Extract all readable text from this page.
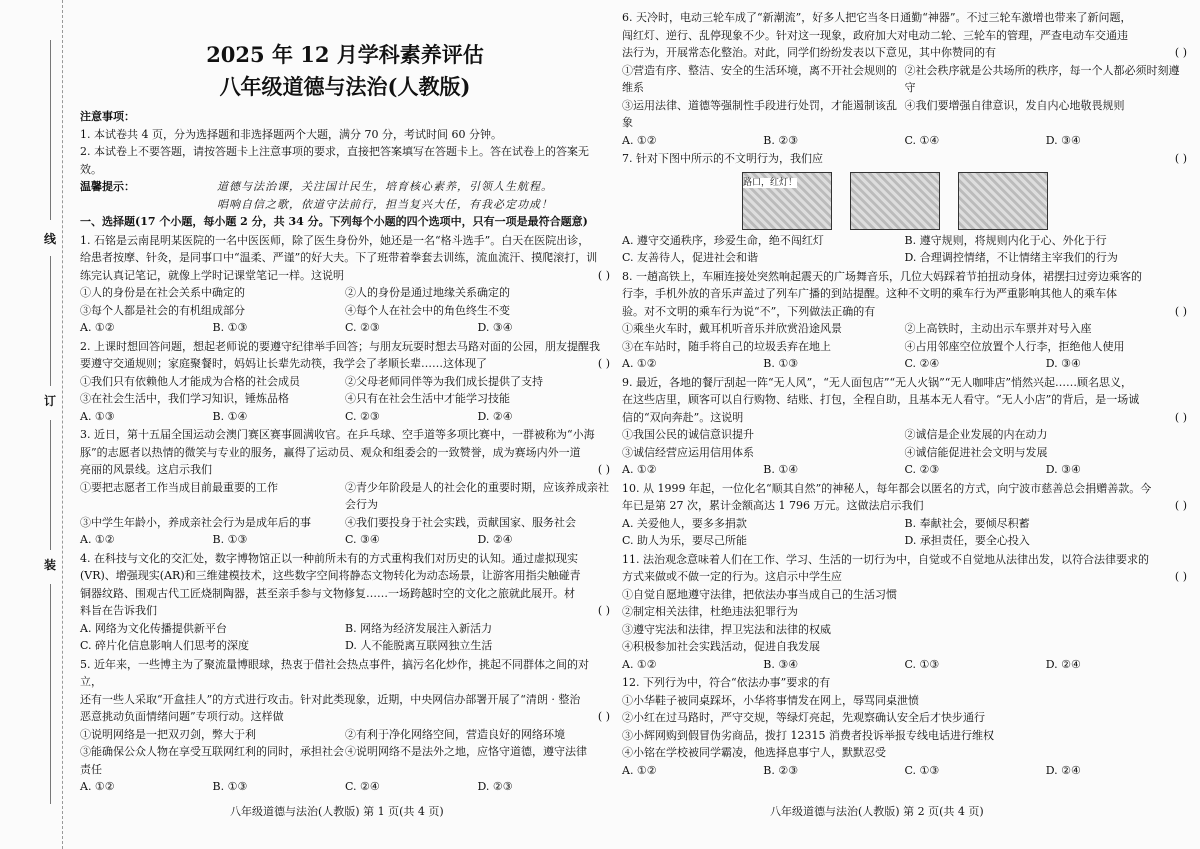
线
订
装
2025 年 12 月学科素养评估
八年级道德与法治(人教版)
注意事项：
1. 本试卷共 4 页，分为选择题和非选择题两个大题，满分 70 分，考试时间 60 分钟。
2. 本试卷上不要答题，请按答题卡上注意事项的要求，直接把答案填写在答题卡上。答在试卷上的答案无效。
温馨提示：	道德与法治课，关注国计民生，培育核心素养，引领人生航程。
唱响自信之歌，依道守法前行，担当复兴大任，有我必定功成！
一、选择题(17 个小题，每小题 2 分，共 34 分。下列每个小题的四个选项中，只有一项是最符合题意)
1. 石铭是云南昆明某医院的一名中医医师，除了医生身份外，她还是一名“格斗选手”。白天在医院出诊，
给患者按摩、针灸，是同事口中“温柔、严谨”的好大夫。下了班带着拳套去训练，流血流汗、摸爬滚打，训
( )
练完认真记笔记，就像上学时记课堂笔记一样。这说明
①人的身份是在社会关系中确定的	②人的身份是通过地缘关系确定的
③每个人都是社会的有机组成部分	④每个人在社会中的角色终生不变
A. ①②	B. ①③	C. ②③	D. ③④
2. 上课时想回答问题，想起老师说的要遵守纪律举手回答；与朋友玩耍时想去马路对面的公园，朋友提醒我
( )
要遵守交通规则；家庭聚餐时，妈妈让长辈先动筷，我学会了孝顺长辈……这体现了
①我们只有依赖他人才能成为合格的社会成员	②父母老师同伴等为我们成长提供了支持
③在社会生活中，我们学习知识，锤炼品格	④只有在社会生活中才能学习技能
A. ①③	B. ①④	C. ②③	D. ②④
3. 近日，第十五届全国运动会澳门赛区赛事圆满收官。在乒乓球、空手道等多项比赛中，一群被称为“小海
豚”的志愿者以热情的微笑与专业的服务，赢得了运动员、观众和组委会的一致赞誉，成为赛场内外一道
( )
亮丽的风景线。这启示我们
①要把志愿者工作当成目前最重要的工作	②青少年阶段是人的社会化的重要时期，应该养成亲社会行为
③中学生年龄小，养成亲社会行为是成年后的事	④我们要投身于社会实践，贡献国家、服务社会
A. ①②	B. ①③	C. ③④	D. ②④
4. 在科技与文化的交汇处，数字博物馆正以一种前所未有的方式重构我们对历史的认知。通过虚拟现实
(VR)、增强现实(AR)和三维建模技术，这些数字空间将静态文物转化为动态场景，让游客用指尖触碰青
铜器纹路、围观古代工匠烧制陶器，甚至亲手参与文物修复……一场跨越时空的文化之旅就此展开。材
( )
料旨在告诉我们
A. 网络为文化传播提供新平台	B. 网络为经济发展注入新活力
C. 碎片化信息影响人们思考的深度	D. 人不能脱离互联网独立生活
5. 近年来，一些博主为了聚流量博眼球，热衷于借社会热点事件，搞污名化炒作，挑起不同群体之间的对立，
还有一些人采取“开盒挂人”的方式进行攻击。针对此类现象，近期，中央网信办部署开展了“清朗 · 整治
( )
恶意挑动负面情绪问题”专项行动。这样做
①说明网络是一把双刃剑，弊大于利	②有利于净化网络空间，营造良好的网络环境
③能确保公众人物在享受互联网红利的同时，承担社会责任
④说明网络不是法外之地，应恪守道德，遵守法律
A. ①②	B. ①③	C. ②④	D. ②③
八年级道德与法治(人教版) 第 1 页(共 4 页)
6. 天冷时，电动三轮车成了“新潮流”，好多人把它当冬日通勤“神器”。不过三轮车激增也带来了新问题，
闯红灯、逆行、乱停现象不少。针对这一现象，政府加大对电动二轮、三轮车的管理，严查电动车交通违
( )
法行为，开展常态化整治。对此，同学们纷纷发表以下意见，其中你赞同的有
①营造有序、整洁、安全的生活环境，离不开社会规则的维系
②社会秩序就是公共场所的秩序，每一个人都必须时刻遵守
③运用法律、道德等强制性手段进行处罚，才能遏制该乱象
④我们要增强自律意识，发自内心地敬畏规则
A. ①②	B. ②③	C. ①④	D. ③④
( )
7. 针对下图中所示的不文明行为，我们应
路口，红灯！
A. 遵守交通秩序，珍爱生命，绝不闯红灯	B. 遵守规则，将规则内化于心、外化于行
C. 友善待人，促进社会和谐	D. 合理调控情绪，不让情绪主宰我们的行为
8. 一趟高铁上，车厢连接处突然响起震天的广场舞音乐，几位大妈踩着节拍扭动身体，裙摆扫过旁边乘客的
行李，手机外放的音乐声盖过了列车广播的到站提醒。这种不文明的乘车行为严重影响其他人的乘车体
( )
验。对不文明的乘车行为说“不”，下列做法正确的有
①乘坐火车时，戴耳机听音乐并欣赏沿途风景	②上高铁时，主动出示车票并对号入座
③在车站时，随手将自己的垃圾丢弃在地上	④占用邻座空位放置个人行李，拒绝他人使用
A. ①②	B. ①③	C. ②④	D. ③④
9. 最近，各地的餐厅刮起一阵“无人风”，“无人面包店”“无人火锅”“无人咖啡店”悄然兴起……顾名思义，
在这些店里，顾客可以自行购物、结账、打包，全程自助，且基本无人看守。“无人小店”的背后，是一场诚
( )
信的“双向奔赴”。这说明
①我国公民的诚信意识提升	②诚信是企业发展的内在动力
③诚信经营应运用信用体系	④诚信能促进社会文明与发展
A. ①②	B. ①④	C. ②③	D. ③④
10. 从 1999 年起，一位化名“顺其自然”的神秘人，每年都会以匿名的方式，向宁波市慈善总会捐赠善款。今
( )
年已是第 27 次，累计金额高达 1 796 万元。这做法启示我们
A. 关爱他人，要多多捐款	B. 奉献社会，要倾尽积蓄
C. 助人为乐，要尽己所能	D. 承担责任，要全心投入
11. 法治观念意味着人们在工作、学习、生活的一切行为中，自觉或不自觉地从法律出发，以符合法律要求的
( )
方式来做或不做一定的行为。这启示中学生应
①自觉自愿地遵守法律，把依法办事当成自己的生活习惯
②制定相关法律，杜绝违法犯罪行为
③遵守宪法和法律，捍卫宪法和法律的权威
④积极参加社会实践活动，促进自我发展
A. ①②	B. ③④	C. ①③	D. ②④
12. 下列行为中，符合“依法办事”要求的有
①小华鞋子被同桌踩坏，小华将事情发在网上，辱骂同桌泄愤
②小红在过马路时，严守交规，等绿灯亮起，先观察确认安全后才快步通行
③小辉网购到假冒伪劣商品，拨打 12315 消费者投诉举报专线电话进行维权
④小铭在学校被同学霸凌，他选择息事宁人，默默忍受
A. ①②	B. ②③	C. ①③	D. ②④
八年级道德与法治(人教版) 第 2 页(共 4 页)
